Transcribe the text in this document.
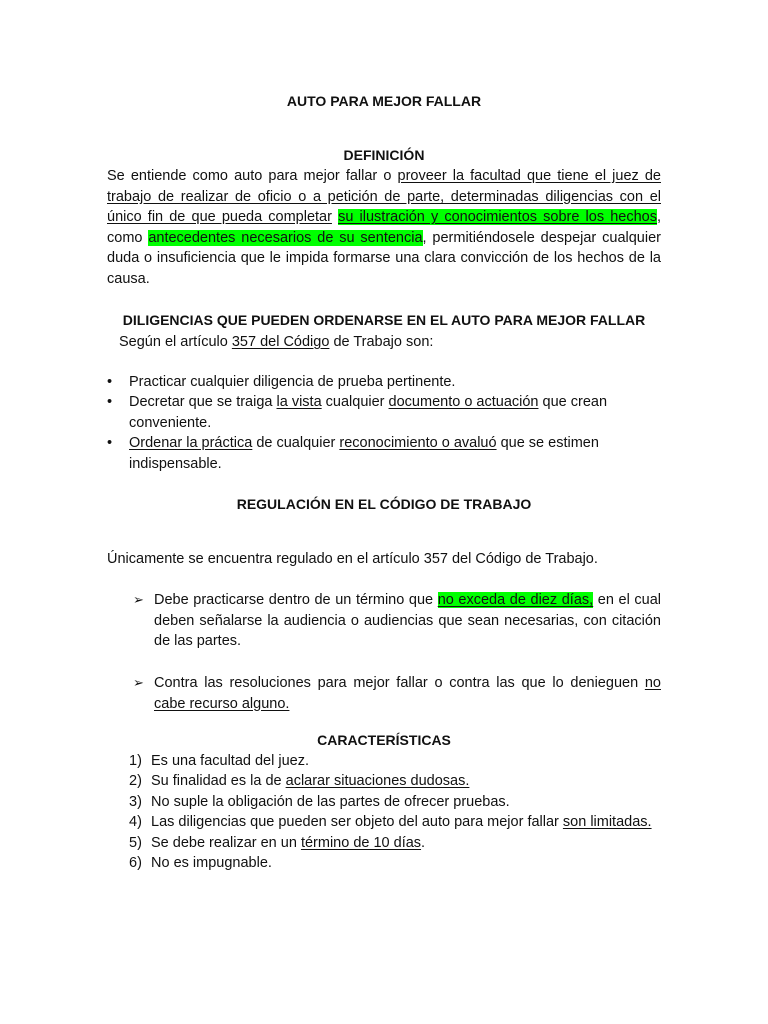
AUTO PARA MEJOR FALLAR
DEFINICIÓN
Se entiende como auto para mejor fallar o proveer la facultad que tiene el juez de trabajo de realizar de oficio o a petición de parte, determinadas diligencias con el único fin de que pueda completar su ilustración y conocimientos sobre los hechos, como antecedentes necesarios de su sentencia, permitiéndosele despejar cualquier duda o insuficiencia que le impida formarse una clara convicción de los hechos de la causa.
DILIGENCIAS QUE PUEDEN ORDENARSE EN EL AUTO PARA MEJOR FALLAR
Según el artículo 357 del Código de Trabajo son:
• Practicar cualquier diligencia de prueba pertinente.
• Decretar que se traiga la vista cualquier documento o actuación que crean conveniente.
• Ordenar la práctica de cualquier reconocimiento o avaluó que se estimen indispensable.
REGULACIÓN EN EL CÓDIGO DE TRABAJO
Únicamente se encuentra regulado en el artículo 357 del Código de Trabajo.
➢ Debe practicarse dentro de un término que no exceda de diez días, en el cual deben señalarse la audiencia o audiencias que sean necesarias, con citación de las partes.
➢ Contra las resoluciones para mejor fallar o contra las que lo denieguen no cabe recurso alguno.
CARACTERÍSTICAS
1) Es una facultad del juez.
2) Su finalidad es la de aclarar situaciones dudosas.
3) No suple la obligación de las partes de ofrecer pruebas.
4) Las diligencias que pueden ser objeto del auto para mejor fallar son limitadas.
5) Se debe realizar en un término de 10 días.
6) No es impugnable.
